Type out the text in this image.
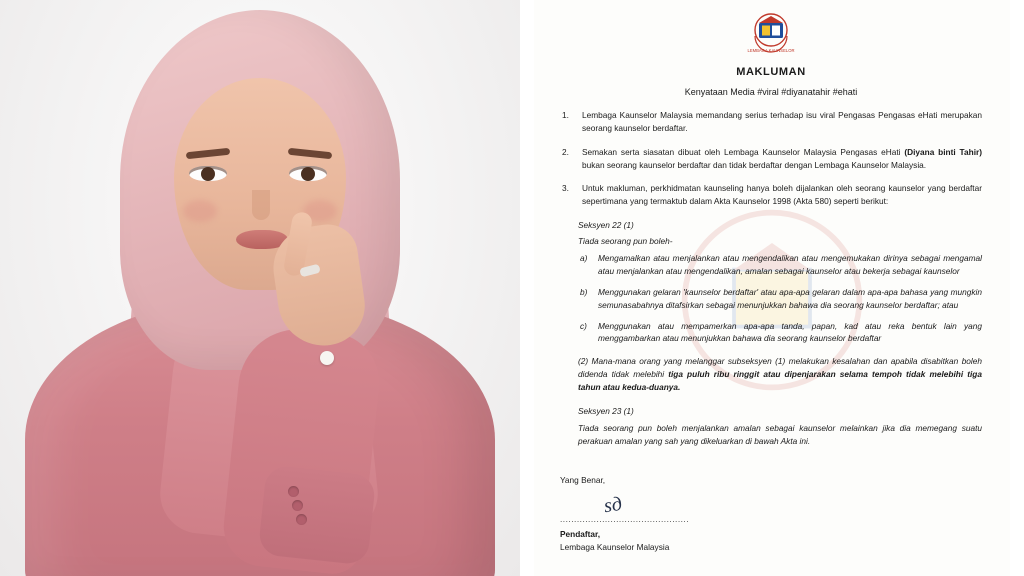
LEMBAGA KAUNSELOR
MAKLUMAN
Kenyataan Media #viral #diyanatahir #ehati
1. Lembaga Kaunselor Malaysia memandang serius terhadap isu viral Pengasas Pengasas eHati merupakan seorang kaunselor berdaftar.
2. Semakan serta siasatan dibuat oleh Lembaga Kaunselor Malaysia Pengasas eHati (Diyana binti Tahir) bukan seorang kaunselor berdaftar dan tidak berdaftar dengan Lembaga Kaunselor Malaysia.
3. Untuk makluman, perkhidmatan kaunseling hanya boleh dijalankan oleh seorang kaunselor yang berdaftar sepertimana yang termaktub dalam Akta Kaunselor 1998 (Akta 580) seperti berikut:
Seksyen 22 (1)
Tiada seorang pun boleh-
a) Mengamalkan atau menjalankan atau mengendalikan atau mengemukakan dirinya sebagai mengamal atau menjalankan atau mengendalikan, amalan sebagai kaunselor atau bekerja sebagai kaunselor
b) Menggunakan gelaran 'kaunselor berdaftar' atau apa-apa gelaran dalam apa-apa bahasa yang mungkin semunasabahnya ditafsirkan sebagai menunjukkan bahawa dia seorang kaunselor berdaftar; atau
c) Menggunakan atau mempamerkan apa-apa tanda, papan, kad atau reka bentuk lain yang menggambarkan atau menunjukkan bahawa dia seorang kaunselor berdaftar
(2) Mana-mana orang yang melanggar subseksyen (1) melakukan kesalahan dan apabila disabitkan boleh didenda tidak melebihi tiga puluh ribu ringgit atau dipenjarakan selama tempoh tidak melebihi tiga tahun atau kedua-duanya.
Seksyen 23 (1)
Tiada seorang pun boleh menjalankan amalan sebagai kaunselor melainkan jika dia memegang suatu perakuan amalan yang sah yang dikeluarkan di bawah Akta ini.
Yang Benar,
ѕд
..............................................
Pendaftar,
Lembaga Kaunselor Malaysia
